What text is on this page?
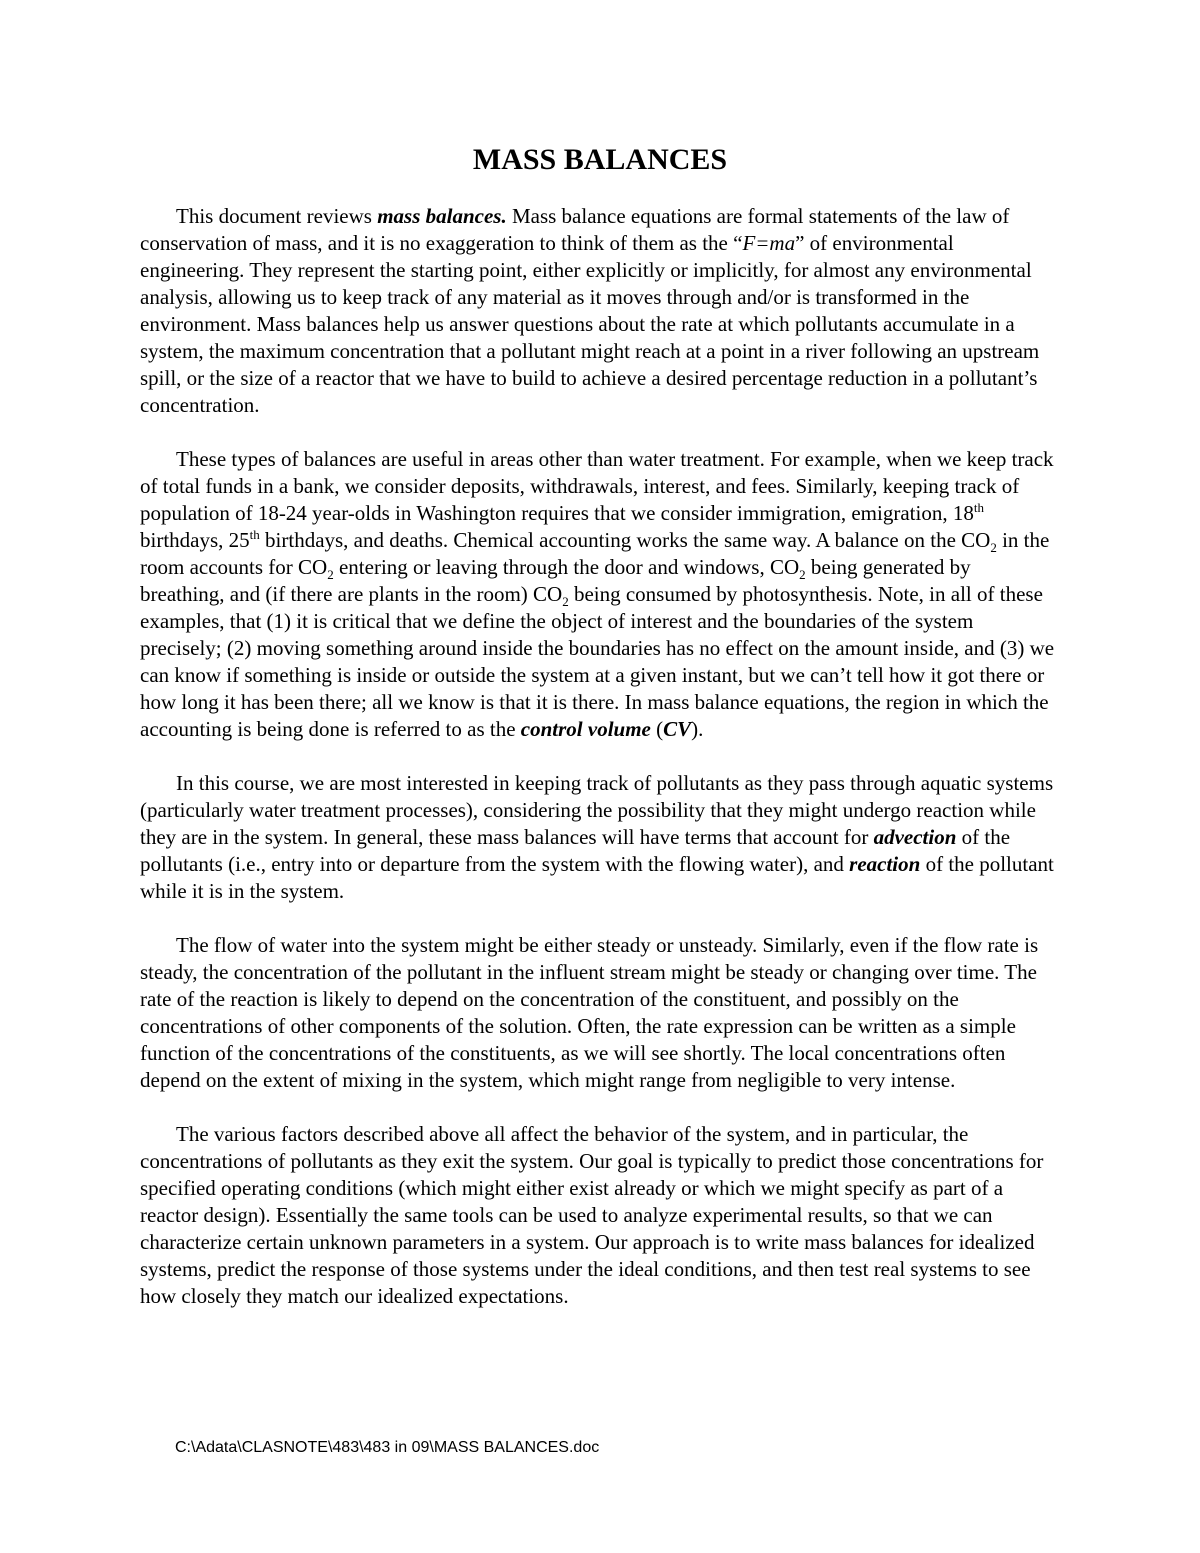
MASS BALANCES

This document reviews mass balances. Mass balance equations are formal statements of the law of conservation of mass, and it is no exaggeration to think of them as the “F=ma” of environmental engineering. They represent the starting point, either explicitly or implicitly, for almost any environmental analysis, allowing us to keep track of any material as it moves through and/or is transformed in the environment. Mass balances help us answer questions about the rate at which pollutants accumulate in a system, the maximum concentration that a pollutant might reach at a point in a river following an upstream spill, or the size of a reactor that we have to build to achieve a desired percentage reduction in a pollutant’s concentration.

These types of balances are useful in areas other than water treatment. For example, when we keep track of total funds in a bank, we consider deposits, withdrawals, interest, and fees. Similarly, keeping track of population of 18-24 year-olds in Washington requires that we consider immigration, emigration, 18th birthdays, 25th birthdays, and deaths. Chemical accounting works the same way. A balance on the $CO_2$ in the room accounts for $CO_2$ entering or leaving through the door and windows, $CO_2$ being generated by breathing, and (if there are plants in the room) $CO_2$ being consumed by photosynthesis. Note, in all of these examples, that (1) it is critical that we define the object of interest and the boundaries of the system precisely; (2) moving something around inside the boundaries has no effect on the amount inside, and (3) we can know if something is inside or outside the system at a given instant, but we can’t tell how it got there or how long it has been there; all we know is that it is there. In mass balance equations, the region in which the accounting is being done is referred to as the control volume (CV).

In this course, we are most interested in keeping track of pollutants as they pass through aquatic systems (particularly water treatment processes), considering the possibility that they might undergo reaction while they are in the system. In general, these mass balances will have terms that account for advection of the pollutants (i.e., entry into or departure from the system with the flowing water), and reaction of the pollutant while it is in the system.

The flow of water into the system might be either steady or unsteady. Similarly, even if the flow rate is steady, the concentration of the pollutant in the influent stream might be steady or changing over time. The rate of the reaction is likely to depend on the concentration of the constituent, and possibly on the concentrations of other components of the solution. Often, the rate expression can be written as a simple function of the concentrations of the constituents, as we will see shortly. The local concentrations often depend on the extent of mixing in the system, which might range from negligible to very intense.

The various factors described above all affect the behavior of the system, and in particular, the concentrations of pollutants as they exit the system. Our goal is typically to predict those concentrations for specified operating conditions (which might either exist already or which we might specify as part of a reactor design). Essentially the same tools can be used to analyze experimental results, so that we can characterize certain unknown parameters in a system. Our approach is to write mass balances for idealized systems, predict the response of those systems under the ideal conditions, and then test real systems to see how closely they match our idealized expectations.

C:\Adata\CLASNOTE\483\483 in 09\MASS BALANCES.doc
